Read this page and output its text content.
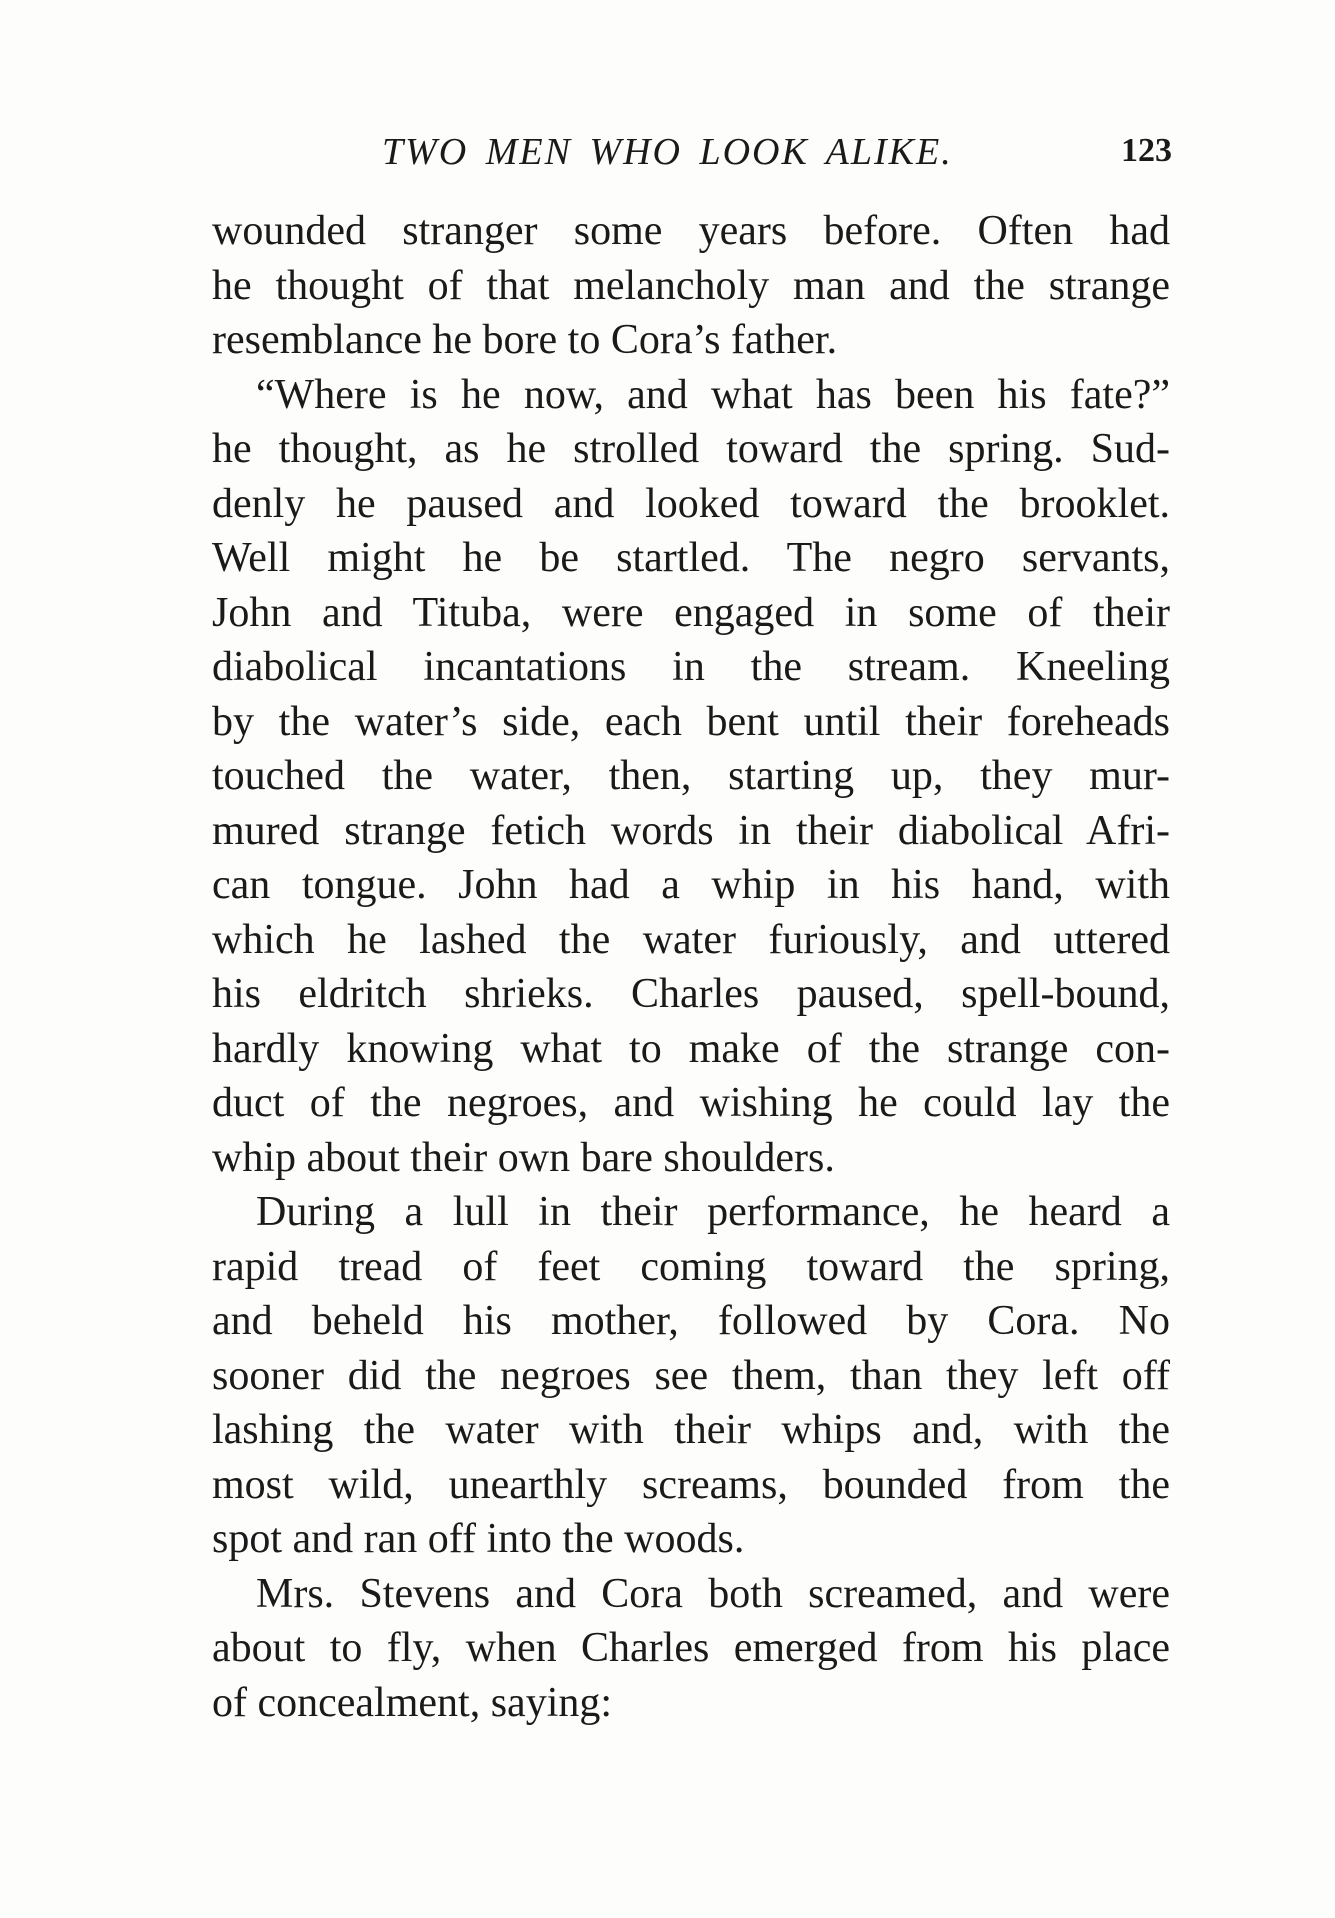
TWO MEN WHO LOOK ALIKE.	123
wounded stranger some years before. Often had
he thought of that melancholy man and the strange
resemblance he bore to Cora’s father.
“Where is he now, and what has been his fate?”
he thought, as he strolled toward the spring. Sud-
denly he paused and looked toward the brooklet.
Well might he be startled. The negro servants,
John and Tituba, were engaged in some of their
diabolical incantations in the stream. Kneeling
by the water’s side, each bent until their foreheads
touched the water, then, starting up, they mur-
mured strange fetich words in their diabolical Afri-
can tongue. John had a whip in his hand, with
which he lashed the water furiously, and uttered
his eldritch shrieks. Charles paused, spell-bound,
hardly knowing what to make of the strange con-
duct of the negroes, and wishing he could lay the
whip about their own bare shoulders.
During a lull in their performance, he heard a
rapid tread of feet coming toward the spring,
and beheld his mother, followed by Cora. No
sooner did the negroes see them, than they left off
lashing the water with their whips and, with the
most wild, unearthly screams, bounded from the
spot and ran off into the woods.
Mrs. Stevens and Cora both screamed, and were
about to fly, when Charles emerged from his place
of concealment, saying:
